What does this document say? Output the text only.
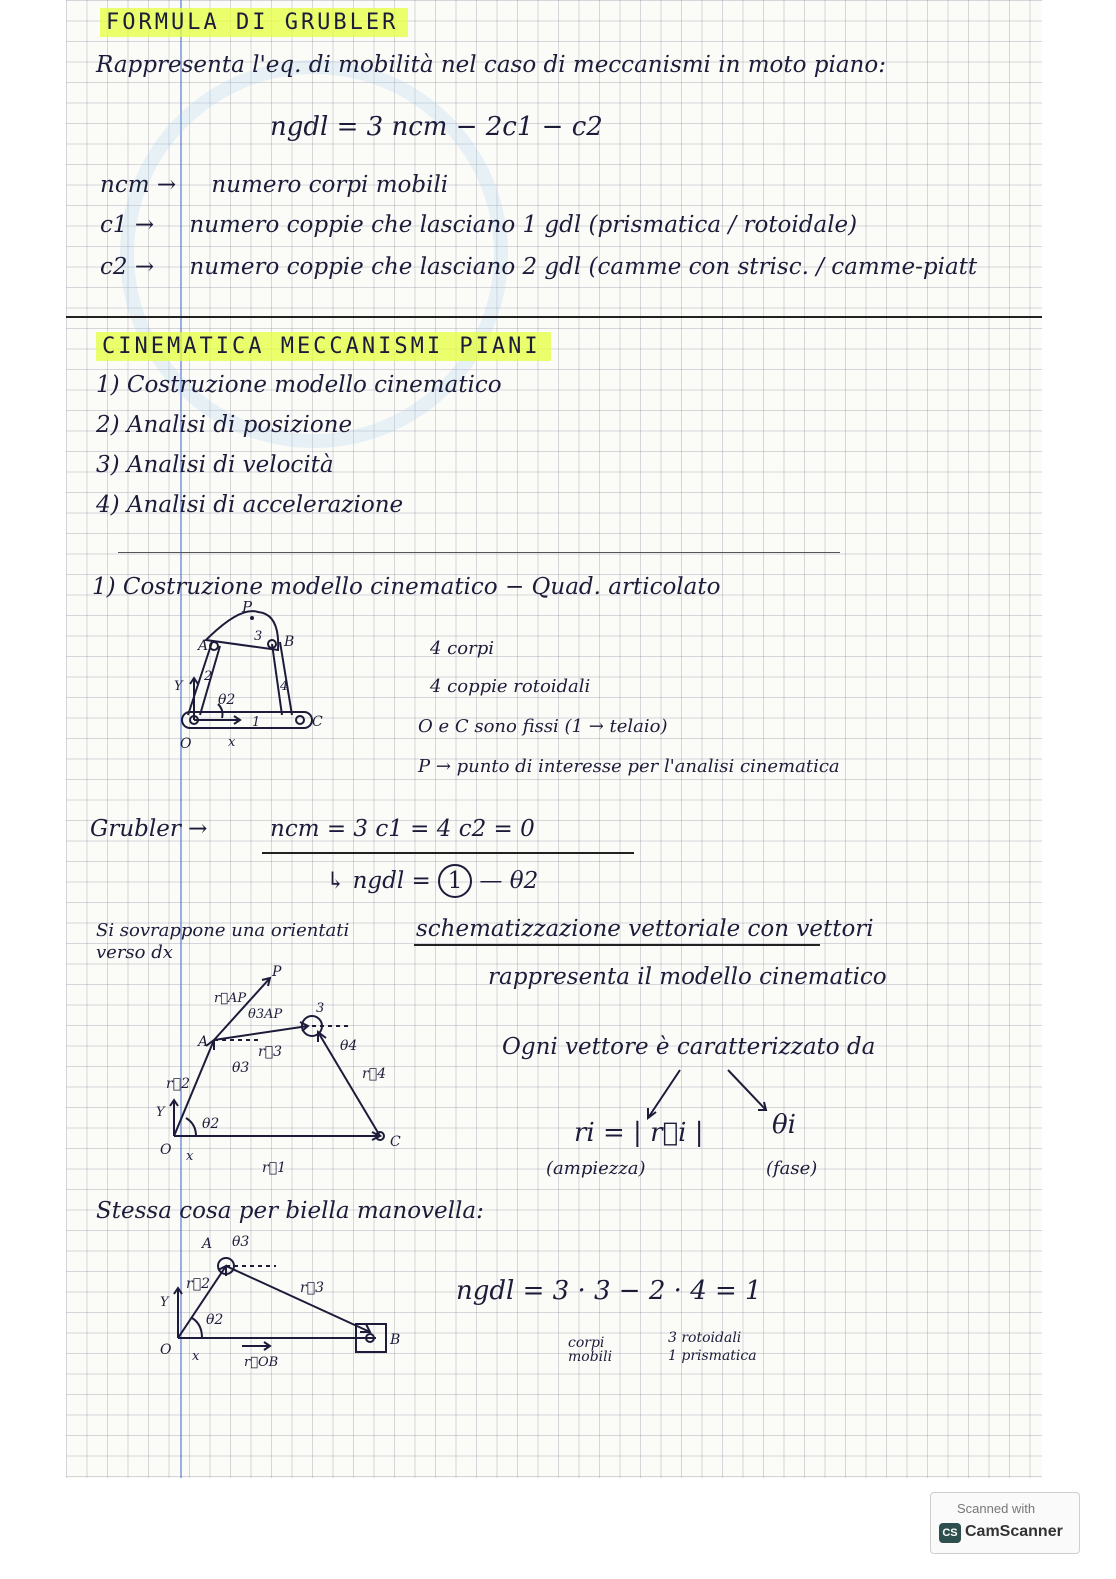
FORMULA DI GRUBLER
Rappresenta l'eq. di mobilità nel caso di meccanismi in moto piano:
ngdl = 3 ncm − 2c1 − c2
ncm → numero corpi mobili
c1 → numero coppie che lasciano 1 gdl (prismatica / rotoidale)
c2 → numero coppie che lasciano 2 gdl (camme con strisc. / camme-piatt
CINEMATICA MECCANISMI PIANI
1) Costruzione modello cinematico
2) Analisi di posizione
3) Analisi di velocità
4) Analisi di accelerazione
1) Costruzione modello cinematico − Quad. articolato
P
A	B
C
O
1
2
3
4
θ2
x
Y
4 corpi
4 coppie rotoidali
O e C sono fissi (1 → telaio)
P → punto di interesse per l'analisi cinematica
Grubler →	ncm = 3 c1 = 4 c2 = 0
↳ ngdl = 1 — θ2
Si sovrappone una orientati verso dx
schematizzazione vettoriale con vettori
rappresenta il modello cinematico
P
A
3
C
O
r⃗1
r⃗2
r⃗3
r⃗4
r⃗AP
θ3AP
θ2
θ3
θ4
x
Y
Ogni vettore è caratterizzato da
ri = | r⃗i |
(ampiezza)
θi
(fase)
Stessa cosa per biella manovella:
A θ3
B
O
r⃗2	r⃗3
r⃗OB
θ2
x
Y	ngdl = 3 · 3 − 2 · 4 = 1
corpi mobili
3 rotoidali
1 prismatica
Scanned with
CS CamScanner
